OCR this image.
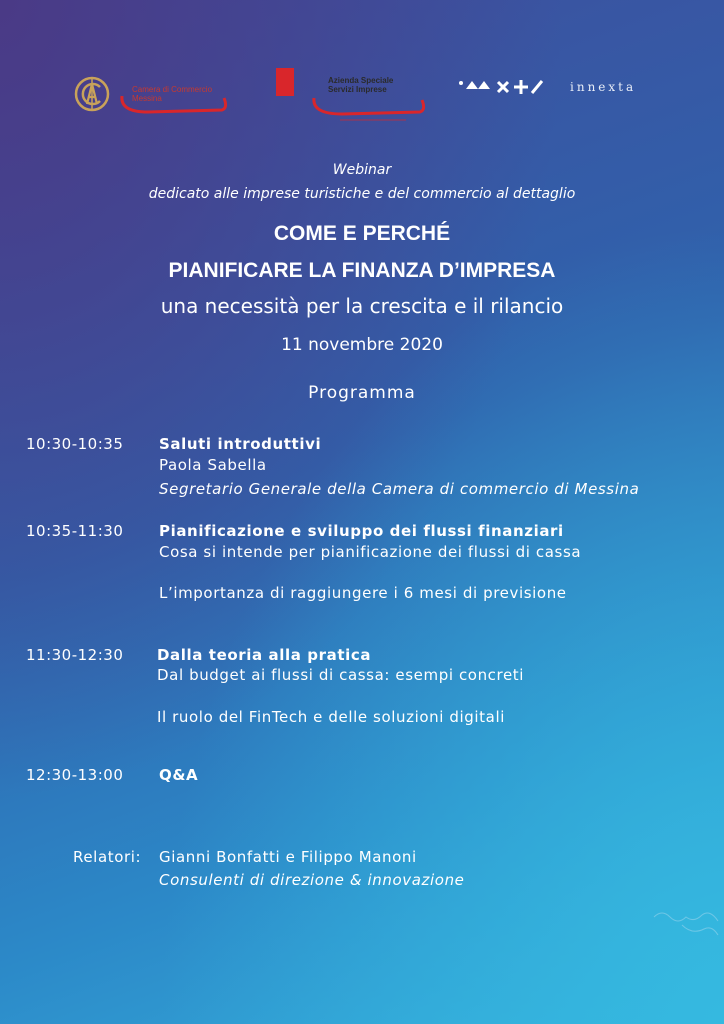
Camera di Commercio
Messina
Azienda Speciale
Servizi Imprese	innexta
Webinar
dedicato alle imprese turistiche e del commercio al dettaglio
COME E PERCHÉ
PIANIFICARE LA FINANZA D’IMPRESA
una necessità per la crescita e il rilancio
11 novembre 2020
Programma
10:30-10:35 Saluti introduttivi
Paola Sabella
Segretario Generale della Camera di commercio di Messina
10:35-11:30 Pianificazione e sviluppo dei flussi finanziari
Cosa si intende per pianificazione dei flussi di cassa
L’importanza di raggiungere i 6 mesi di previsione
11:30-12:30 Dalla teoria alla pratica
Dal budget ai flussi di cassa: esempi concreti
Il ruolo del FinTech e delle soluzioni digitali
12:30-13:00 Q&A
Relatori: Gianni Bonfatti e Filippo Manoni
Consulenti di direzione & innovazione
